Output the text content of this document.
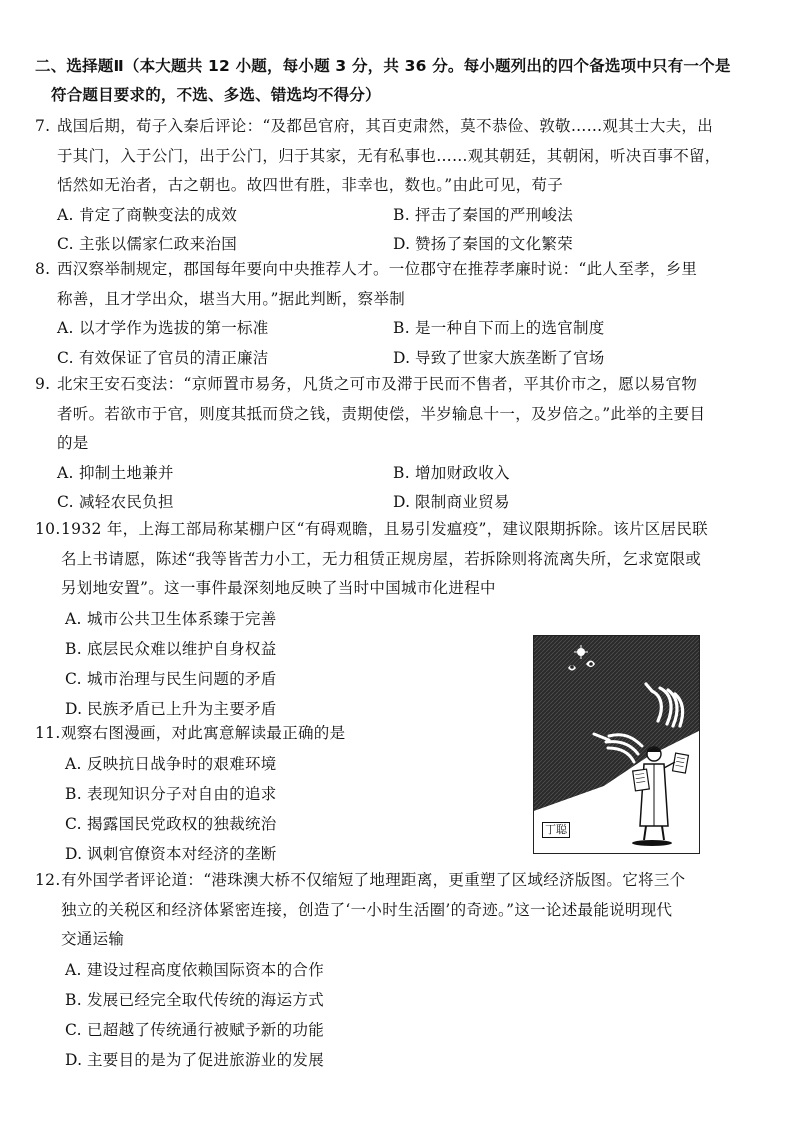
二、选择题Ⅱ（本大题共 12 小题，每小题 3 分，共 36 分。每小题列出的四个备选项中只有一个是
符合题目要求的，不选、多选、错选均不得分）
7. 战国后期，荀子入秦后评论：“及都邑官府，其百吏肃然，莫不恭俭、敦敬……观其士大夫，出
于其门，入于公门，出于公门，归于其家，无有私事也……观其朝廷，其朝闲，听决百事不留，
恬然如无治者，古之朝也。故四世有胜，非幸也，数也。”由此可见，荀子
A. 肯定了商鞅变法的成效	B. 抨击了秦国的严刑峻法
C. 主张以儒家仁政来治国	D. 赞扬了秦国的文化繁荣
8. 西汉察举制规定，郡国每年要向中央推荐人才。一位郡守在推荐孝廉时说：“此人至孝，乡里
称善，且才学出众，堪当大用。”据此判断，察举制
A. 以才学作为选拔的第一标准	B. 是一种自下而上的选官制度
C. 有效保证了官员的清正廉洁	D. 导致了世家大族垄断了官场
9. 北宋王安石变法：“京师置市易务，凡货之可市及滞于民而不售者，平其价市之，愿以易官物
者听。若欲市于官，则度其抵而贷之钱，责期使偿，半岁输息十一，及岁倍之。”此举的主要目
的是
A. 抑制土地兼并	B. 增加财政收入
C. 减轻农民负担	D. 限制商业贸易
10.1932 年，上海工部局称某棚户区“有碍观瞻，且易引发瘟疫”，建议限期拆除。该片区居民联
名上书请愿，陈述“我等皆苦力小工，无力租赁正规房屋，若拆除则将流离失所，乞求宽限或
另划地安置”。这一事件最深刻地反映了当时中国城市化进程中
A. 城市公共卫生体系臻于完善
B. 底层民众难以维护自身权益
C. 城市治理与民生问题的矛盾
D. 民族矛盾已上升为主要矛盾
11.观察右图漫画，对此寓意解读最正确的是
A. 反映抗日战争时的艰难环境
B. 表现知识分子对自由的追求
C. 揭露国民党政权的独裁统治
D. 讽刺官僚资本对经济的垄断
12.有外国学者评论道：“港珠澳大桥不仅缩短了地理距离，更重塑了区域经济版图。它将三个
独立的关税区和经济体紧密连接，创造了‘一小时生活圈’的奇迹。”这一论述最能说明现代
交通运输
A. 建设过程高度依赖国际资本的合作
B. 发展已经完全取代传统的海运方式
C. 已超越了传统通行被赋予新的功能
D. 主要目的是为了促进旅游业的发展
丁聪
